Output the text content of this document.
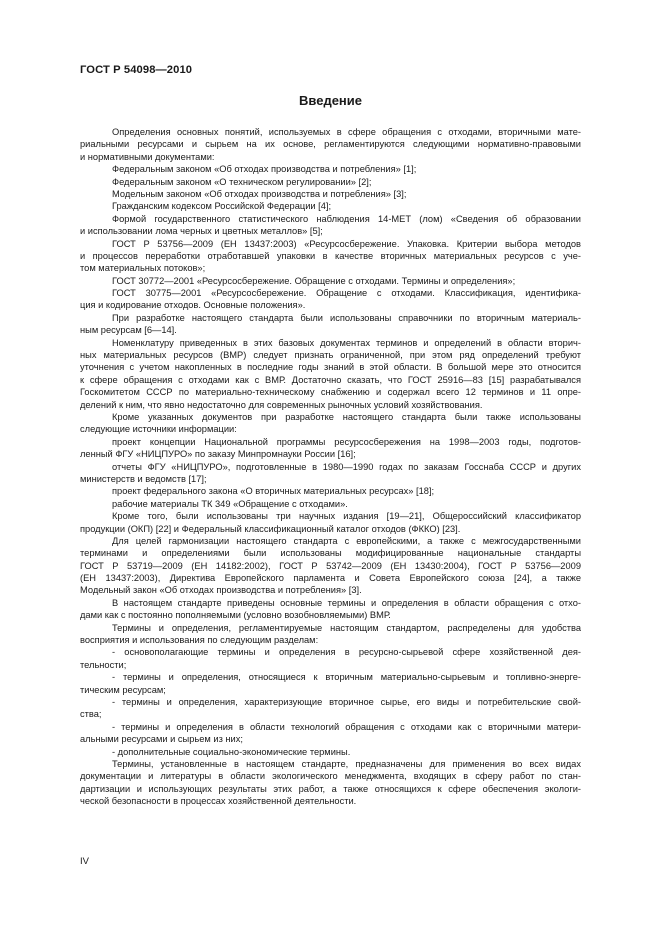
ГОСТ Р 54098—2010
Введение
Определения основных понятий, используемых в сфере обращения с отходами, вторичными мате-
риальными ресурсами и сырьем на их основе, регламентируются следующими нормативно-правовыми
и нормативными документами:
Федеральным законом «Об отходах производства и потребления» [1];
Федеральным законом «О техническом регулировании» [2];
Модельным законом «Об отходах производства и потребления» [3];
Гражданским кодексом Российской Федерации [4];
Формой государственного статистического наблюдения 14-МЕТ (лом) «Сведения об образовании
и использовании лома черных и цветных металлов» [5];
ГОСТ Р 53756—2009 (ЕН 13437:2003) «Ресурсосбережение. Упаковка. Критерии выбора методов
и процессов переработки отработавшей упаковки в качестве вторичных материальных ресурсов с уче-
том материальных потоков»;
ГОСТ 30772—2001 «Ресурсосбережение. Обращение с отходами. Термины и определения»;
ГОСТ 30775—2001 «Ресурсосбережение. Обращение с отходами. Классификация, идентифика-
ция и кодирование отходов. Основные положения».
При разработке настоящего стандарта были использованы справочники по вторичным материаль-
ным ресурсам [6—14].
Номенклатуру приведенных в этих базовых документах терминов и определений в области вторич-
ных материальных ресурсов (ВМР) следует признать ограниченной, при этом ряд определений требуют
уточнения с учетом накопленных в последние годы знаний в этой области. В большой мере это относится
к сфере обращения с отходами как с ВМР. Достаточно сказать, что ГОСТ 25916—83 [15] разрабатывался
Госкомитетом СССР по материально-техническому снабжению и содержал всего 12 терминов и 11 опре-
делений к ним, что явно недостаточно для современных рыночных условий хозяйствования.
Кроме указанных документов при разработке настоящего стандарта были также использованы
следующие источники информации:
проект концепции Национальной программы ресурсосбережения на 1998—2003 годы, подготов-
ленный ФГУ «НИЦПУРО» по заказу Минпромнауки России [16];
отчеты ФГУ «НИЦПУРО», подготовленные в 1980—1990 годах по заказам Госснаба СССР и других
министерств и ведомств [17];
проект федерального закона «О вторичных материальных ресурсах» [18];
рабочие материалы ТК 349 «Обращение с отходами».
Кроме того, были использованы три научных издания [19—21], Общероссийский классификатор
продукции (ОКП) [22] и Федеральный классификационный каталог отходов (ФККО) [23].
Для целей гармонизации настоящего стандарта с европейскими, а также с межгосударственными
терминами и определениями были использованы модифицированные национальные стандарты
ГОСТ Р 53719—2009 (ЕН 14182:2002), ГОСТ Р 53742—2009 (ЕН 13430:2004), ГОСТ Р 53756—2009
(ЕН 13437:2003), Директива Европейского парламента и Совета Европейского союза [24], а также
Модельный закон «Об отходах производства и потребления» [3].
В настоящем стандарте приведены основные термины и определения в области обращения с отхо-
дами как с постоянно пополняемыми (условно возобновляемыми) ВМР.
Термины и определения, регламентируемые настоящим стандартом, распределены для удобства
восприятия и использования по следующим разделам:
- основополагающие термины и определения в ресурсно-сырьевой сфере хозяйственной дея-
тельности;
- термины и определения, относящиеся к вторичным материально-сырьевым и топливно-энерге-
тическим ресурсам;
- термины и определения, характеризующие вторичное сырье, его виды и потребительские свой-
ства;
- термины и определения в области технологий обращения с отходами как с вторичными матери-
альными ресурсами и сырьем из них;
- дополнительные социально-экономические термины.
Термины, установленные в настоящем стандарте, предназначены для применения во всех видах
документации и литературы в области экологического менеджмента, входящих в сферу работ по стан-
дартизации и использующих результаты этих работ, а также относящихся к сфере обеспечения экологи-
ческой безопасности в процессах хозяйственной деятельности.
IV
